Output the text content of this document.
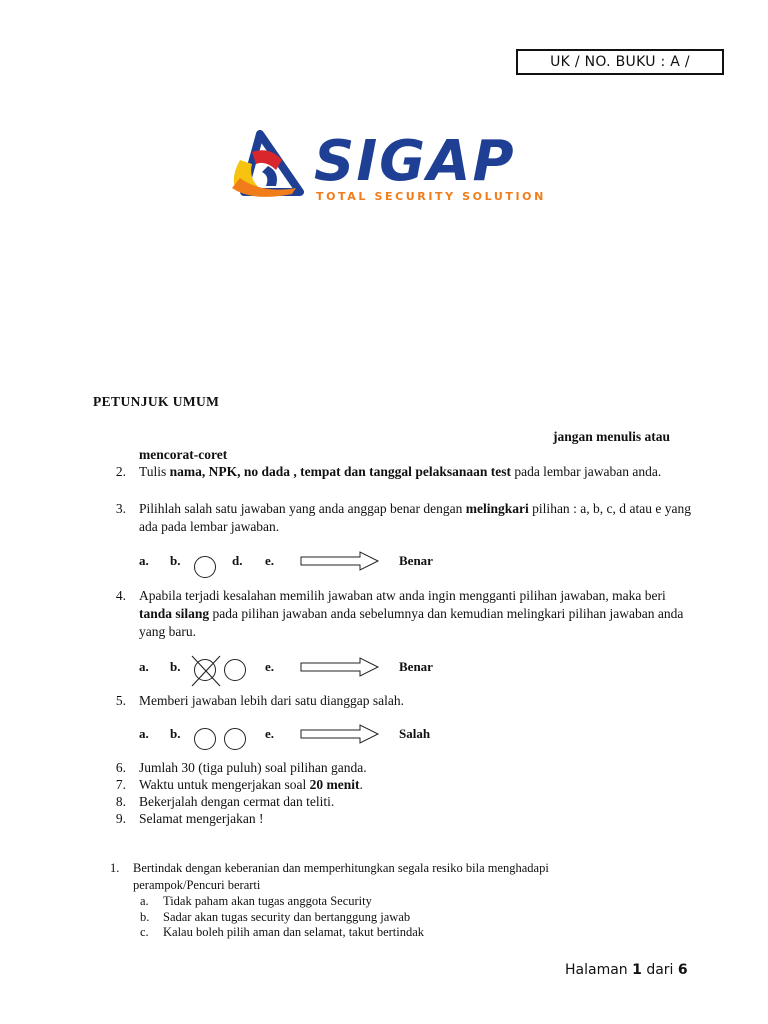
UK / NO. BUKU : A /
SIGAP
TOTAL SECURITY SOLUTION
PETUNJUK UMUM
jangan menulis atau
mencorat-coret
2. Tulis nama, NPK, no dada , tempat dan tanggal pelaksanaan test pada lembar jawaban anda.
3. Pilihlah salah satu jawaban yang anda anggap benar dengan melingkari pilihan : a, b, c, d atau e yang ada pada lembar jawaban.
a. b.	d. e.	Benar
4. Apabila terjadi kesalahan memilih jawaban atw anda ingin mengganti pilihan jawaban, maka beri tanda silang pada pilihan jawaban anda sebelumnya dan kemudian melingkari pilihan jawaban anda yang baru.
a. b.	e.	Benar
5. Memberi jawaban lebih dari satu dianggap salah.
a. b.	e.	Salah
6. Jumlah 30 (tiga puluh) soal pilihan ganda.
7. Waktu untuk mengerjakan soal 20 menit.
8. Bekerjalah dengan cermat dan teliti.
9. Selamat mengerjakan !
1. Bertindak dengan keberanian dan memperhitungkan segala resiko bila menghadapi
perampok/Pencuri berarti
a. Tidak paham akan tugas anggota Security
b. Sadar akan tugas security dan bertanggung jawab
c. Kalau boleh pilih aman dan selamat, takut bertindak
Halaman 1 dari 6
